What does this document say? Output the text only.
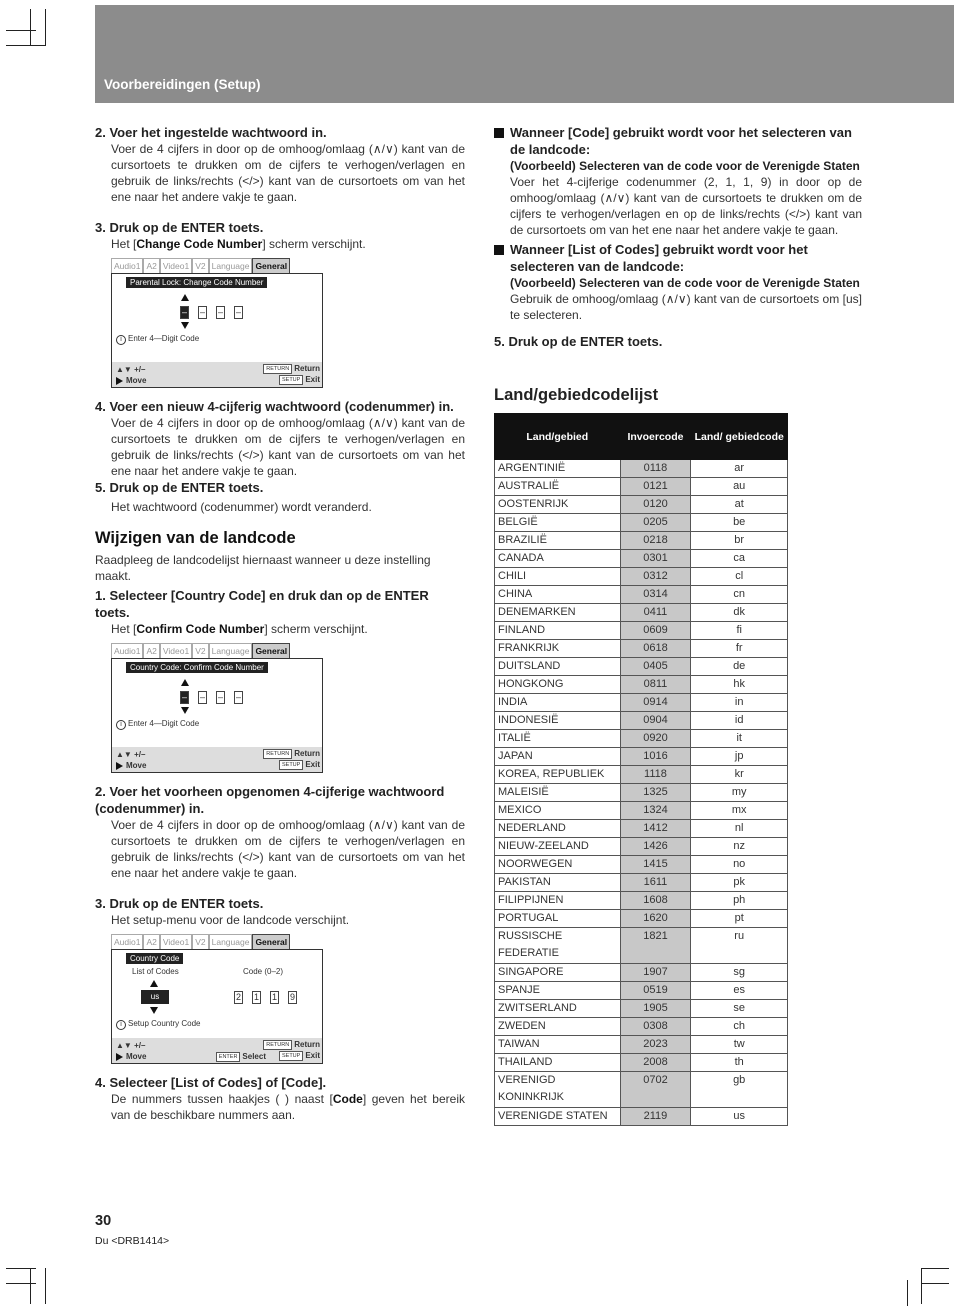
Voorbereidingen (Setup)
2. Voer het ingestelde wachtwoord in.
Voer de 4 cijfers in door op de omhoog/omlaag (∧/∨) kant van de cursortoets te drukken om de cijfers te verhogen/verlagen en gebruik de links/rechts (</>) kant van de cursortoets om van het ene naar het andere vakje te gaan.
3. Druk op de ENTER toets.
Het [Change Code Number] scherm verschijnt.
Audio1 A2 Video1 V2 Language General
Parental Lock: Change Code Number
– – – –
i Enter 4—Digit Code
▲▼ +/–
Move
RETURN Return
SETUP Exit
4. Voer een nieuw 4-cijferig wachtwoord (codenummer) in.
Voer de 4 cijfers in door op de omhoog/omlaag (∧/∨) kant van de cursortoets te drukken om de cijfers te verhogen/verlagen en gebruik de links/rechts (</>) kant van de cursortoets om van het ene naar het andere vakje te gaan.
5. Druk op de ENTER toets.
Het wachtwoord (codenummer) wordt veranderd.
Wijzigen van de landcode
Raadpleeg de landcodelijst hiernaast wanneer u deze instelling maakt.
1. Selecteer [Country Code] en druk dan op de ENTER toets.
Het [Confirm Code Number] scherm verschijnt.
Audio1 A2 Video1 V2 Language General
Country Code: Confirm Code Number
– – – –
i Enter 4—Digit Code
▲▼ +/–
Move
RETURN Return
SETUP Exit
2. Voer het voorheen opgenomen 4-cijferige wachtwoord (codenummer) in.
Voer de 4 cijfers in door op de omhoog/omlaag (∧/∨) kant van de cursortoets te drukken om de cijfers te verhogen/verlagen en gebruik de links/rechts (</>) kant van de cursortoets om van het ene naar het andere vakje te gaan.
3. Druk op de ENTER toets.
Het setup-menu voor de landcode verschijnt.
Audio1 A2 Video1 V2 Language General
Country Code
List of Codes	Code (0–2)
us	2 1 1 9
i Setup Country Code
▲▼ +/–
Move	ENTER Select
RETURN Return
SETUP Exit
4. Selecteer [List of Codes] of [Code].
De nummers tussen haakjes ( ) naast [Code] geven het bereik van de beschikbare nummers aan.
Wanneer [Code] gebruikt wordt voor het selecteren van de landcode:
(Voorbeeld) Selecteren van de code voor de Verenigde Staten
Voer het 4-cijferige codenummer (2, 1, 1, 9) in door op de omhoog/omlaag (∧/∨) kant van de cursortoets te drukken om de cijfers te verhogen/verlagen en op de links/rechts (</>) kant van de cursortoets om van het ene naar het andere vakje te gaan.
Wanneer [List of Codes] gebruikt wordt voor het selecteren van de landcode:
(Voorbeeld) Selecteren van de code voor de Verenigde Staten
Gebruik de omhoog/omlaag (∧/∨) kant van de cursortoets om [us] te selecteren.
5. Druk op de ENTER toets.
Land/gebiedcodelijst
Land/gebied	Invoercode	Land/ gebiedcode
ARGENTINIË	0118	ar
AUSTRALIË	0121	au
OOSTENRIJK	0120	at
BELGIË	0205	be
BRAZILIË	0218	br
CANADA	0301	ca
CHILI	0312	cl
CHINA	0314	cn
DENEMARKEN	0411	dk
FINLAND	0609	fi
FRANKRIJK	0618	fr
DUITSLAND	0405	de
HONGKONG	0811	hk
INDIA	0914	in
INDONESIË	0904	id
ITALIË	0920	it
JAPAN	1016	jp
KOREA, REPUBLIEK	1118	kr
MALEISIË	1325	my
MEXICO	1324	mx
NEDERLAND	1412	nl
NIEUW-ZEELAND	1426	nz
NOORWEGEN	1415	no
PAKISTAN	1611	pk
FILIPPIJNEN	1608	ph
PORTUGAL	1620	pt
RUSSISCHE FEDERATIE	1821	ru
SINGAPORE	1907	sg
SPANJE	0519	es
ZWITSERLAND	1905	se
ZWEDEN	0308	ch
TAIWAN	2023	tw
THAILAND	2008	th
VERENIGD KONINKRIJK	0702	gb
VERENIGDE STATEN	2119	us
30
Du <DRB1414>
